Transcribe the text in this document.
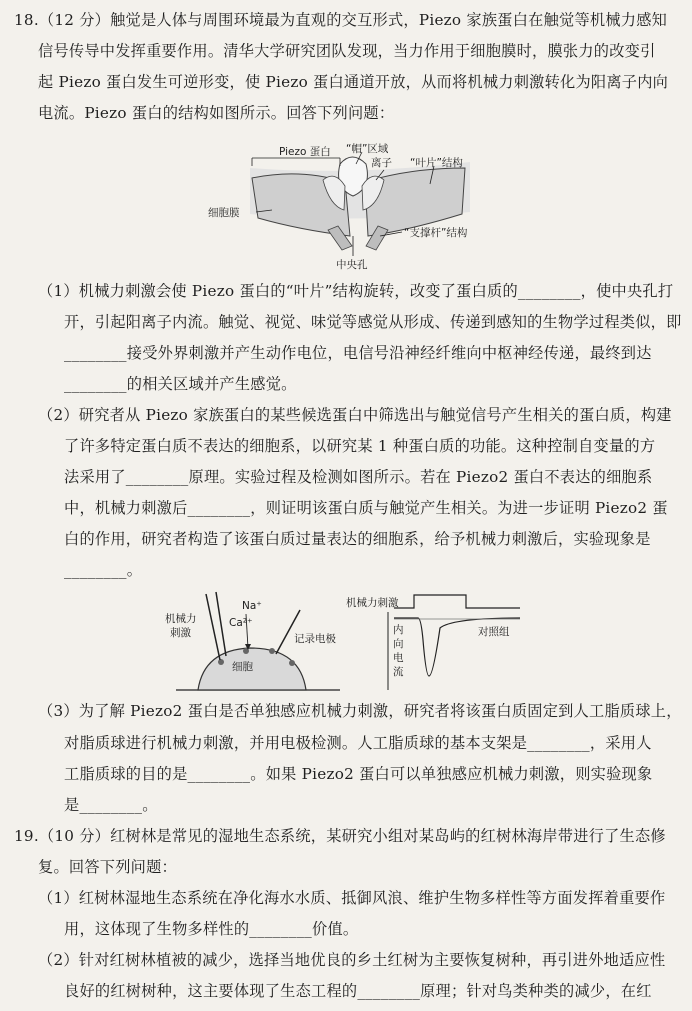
18.（12 分）触觉是人体与周围环境最为直观的交互形式，Piezo 家族蛋白在触觉等机械力感知
信号传导中发挥重要作用。清华大学研究团队发现，当力作用于细胞膜时，膜张力的改变引
起 Piezo 蛋白发生可逆形变，使 Piezo 蛋白通道开放，从而将机械力刺激转化为阳离子内向
电流。Piezo 蛋白的结构如图所示。回答下列问题：
Piezo 蛋白 “帽”区域
离子 “叶片”结构
细胞膜
“支撑杆”结构
中央孔
（1）机械力刺激会使 Piezo 蛋白的“叶片”结构旋转，改变了蛋白质的________，使中央孔打
开，引起阳离子内流。触觉、视觉、味觉等感觉从形成、传递到感知的生物学过程类似，即
________接受外界刺激并产生动作电位，电信号沿神经纤维向中枢神经传递，最终到达
________的相关区域并产生感觉。
（2）研究者从 Piezo 家族蛋白的某些候选蛋白中筛选出与触觉信号产生相关的蛋白质，构建
了许多特定蛋白质不表达的细胞系，以研究某 1 种蛋白质的功能。这种控制自变量的方
法采用了________原理。实验过程及检测如图所示。若在 Piezo2 蛋白不表达的细胞系
中，机械力刺激后________，则证明该蛋白质与触觉产生相关。为进一步证明 Piezo2 蛋
白的作用，研究者构造了该蛋白质过量表达的细胞系，给予机械力刺激后，实验现象是
________。
机械力
刺激
Na⁺
Ca²⁺
记录电极
细胞
机械力刺激
内
向
电
流
对照组
（3）为了解 Piezo2 蛋白是否单独感应机械力刺激，研究者将该蛋白质固定到人工脂质球上，
对脂质球进行机械力刺激，并用电极检测。人工脂质球的基本支架是________，采用人
工脂质球的目的是________。如果 Piezo2 蛋白可以单独感应机械力刺激，则实验现象
是________。
19.（10 分）红树林是常见的湿地生态系统，某研究小组对某岛屿的红树林海岸带进行了生态修
复。回答下列问题：
（1）红树林湿地生态系统在净化海水水质、抵御风浪、维护生物多样性等方面发挥着重要作
用，这体现了生物多样性的________价值。
（2）针对红树林植被的减少，选择当地优良的乡土红树为主要恢复树种，再引进外地适应性
良好的红树树种，这主要体现了生态工程的________原理；针对鸟类种类的减少，在红
